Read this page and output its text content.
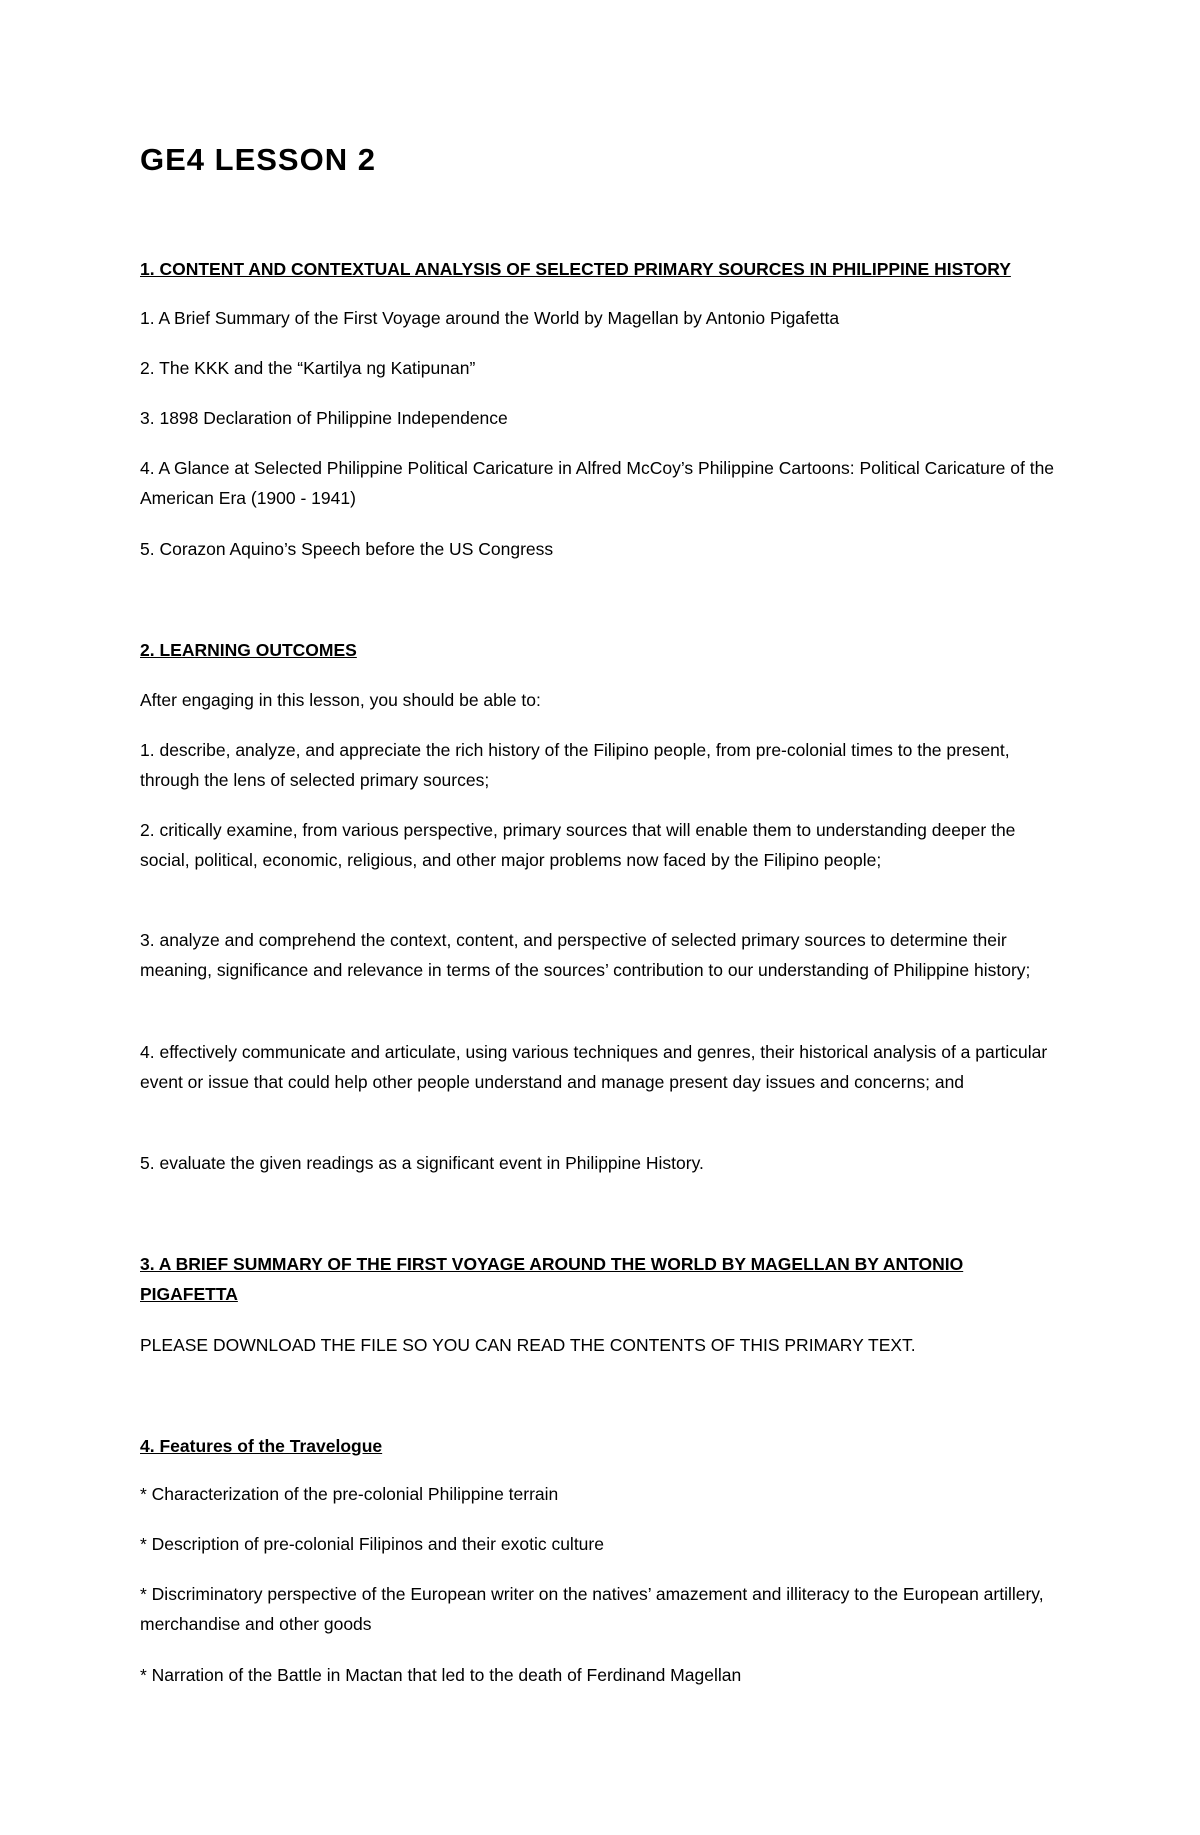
GE4 LESSON 2

1. CONTENT AND CONTEXTUAL ANALYSIS OF SELECTED PRIMARY SOURCES IN PHILIPPINE HISTORY

1. A Brief Summary of the First Voyage around the World by Magellan by Antonio Pigafetta

2. The KKK and the “Kartilya ng Katipunan”

3. 1898 Declaration of Philippine Independence

4. A Glance at Selected Philippine Political Caricature in Alfred McCoy’s Philippine Cartoons: Political Caricature of the American Era (1900 - 1941)

5. Corazon Aquino’s Speech before the US Congress

2. LEARNING OUTCOMES

After engaging in this lesson, you should be able to:

1. describe, analyze, and appreciate the rich history of the Filipino people, from pre-colonial times to the present, through the lens of selected primary sources;

2. critically examine, from various perspective, primary sources that will enable them to understanding deeper the social, political, economic, religious, and other major problems now faced by the Filipino people;

3. analyze and comprehend the context, content, and perspective of selected primary sources to determine their meaning, significance and relevance in terms of the sources’ contribution to our understanding of Philippine history;

4. effectively communicate and articulate, using various techniques and genres, their historical analysis of a particular event or issue that could help other people understand and manage present day issues and concerns; and

5. evaluate the given readings as a significant event in Philippine History.

3. A BRIEF SUMMARY OF THE FIRST VOYAGE AROUND THE WORLD BY MAGELLAN BY ANTONIO PIGAFETTA

PLEASE DOWNLOAD THE FILE SO YOU CAN READ THE CONTENTS OF THIS PRIMARY TEXT.

4. Features of the Travelogue

* Characterization of the pre-colonial Philippine terrain

* Description of pre-colonial Filipinos and their exotic culture

* Discriminatory perspective of the European writer on the natives’ amazement and illiteracy to the European artillery, merchandise and other goods

* Narration of the Battle in Mactan that led to the death of Ferdinand Magellan
